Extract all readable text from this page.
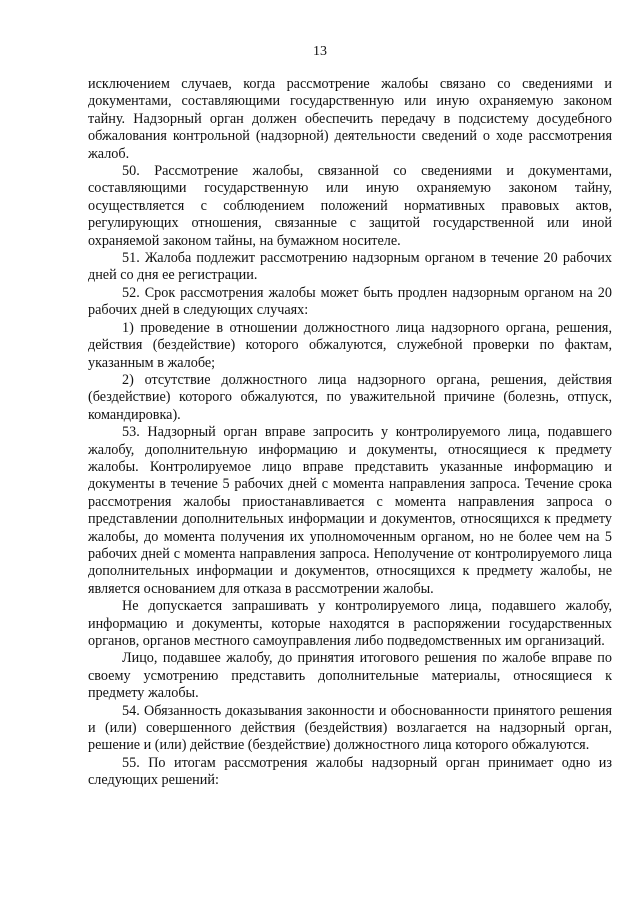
13

исключением случаев, когда рассмотрение жалобы связано со сведениями и документами, составляющими государственную или иную охраняемую законом тайну. Надзорный орган должен обеспечить передачу в подсистему досудебного обжалования контрольной (надзорной) деятельности сведений о ходе рассмотрения жалоб.

50. Рассмотрение жалобы, связанной со сведениями и документами, составляющими государственную или иную охраняемую законом тайну, осуществляется с соблюдением положений нормативных правовых актов, регулирующих отношения, связанные с защитой государственной или иной охраняемой законом тайны, на бумажном носителе.

51. Жалоба подлежит рассмотрению надзорным органом в течение 20 рабочих дней со дня ее регистрации.

52. Срок рассмотрения жалобы может быть продлен надзорным органом на 20 рабочих дней в следующих случаях:

1) проведение в отношении должностного лица надзорного органа, решения, действия (бездействие) которого обжалуются, служебной проверки по фактам, указанным в жалобе;

2) отсутствие должностного лица надзорного органа, решения, действия (бездействие) которого обжалуются, по уважительной причине (болезнь, отпуск, командировка).

53. Надзорный орган вправе запросить у контролируемого лица, подавшего жалобу, дополнительную информацию и документы, относящиеся к предмету жалобы. Контролируемое лицо вправе представить указанные информацию и документы в течение 5 рабочих дней с момента направления запроса. Течение срока рассмотрения жалобы приостанавливается с момента направления запроса о представлении дополнительных информации и документов, относящихся к предмету жалобы, до момента получения их уполномоченным органом, но не более чем на 5 рабочих дней с момента направления запроса. Неполучение от контролируемого лица дополнительных информации и документов, относящихся к предмету жалобы, не является основанием для отказа в рассмотрении жалобы.

Не допускается запрашивать у контролируемого лица, подавшего жалобу, информацию и документы, которые находятся в распоряжении государственных органов, органов местного самоуправления либо подведомственных им организаций.

Лицо, подавшее жалобу, до принятия итогового решения по жалобе вправе по своему усмотрению представить дополнительные материалы, относящиеся к предмету жалобы.

54. Обязанность доказывания законности и обоснованности принятого решения и (или) совершенного действия (бездействия) возлагается на надзорный орган, решение и (или) действие (бездействие) должностного лица которого обжалуются.

55. По итогам рассмотрения жалобы надзорный орган принимает одно из следующих решений:
